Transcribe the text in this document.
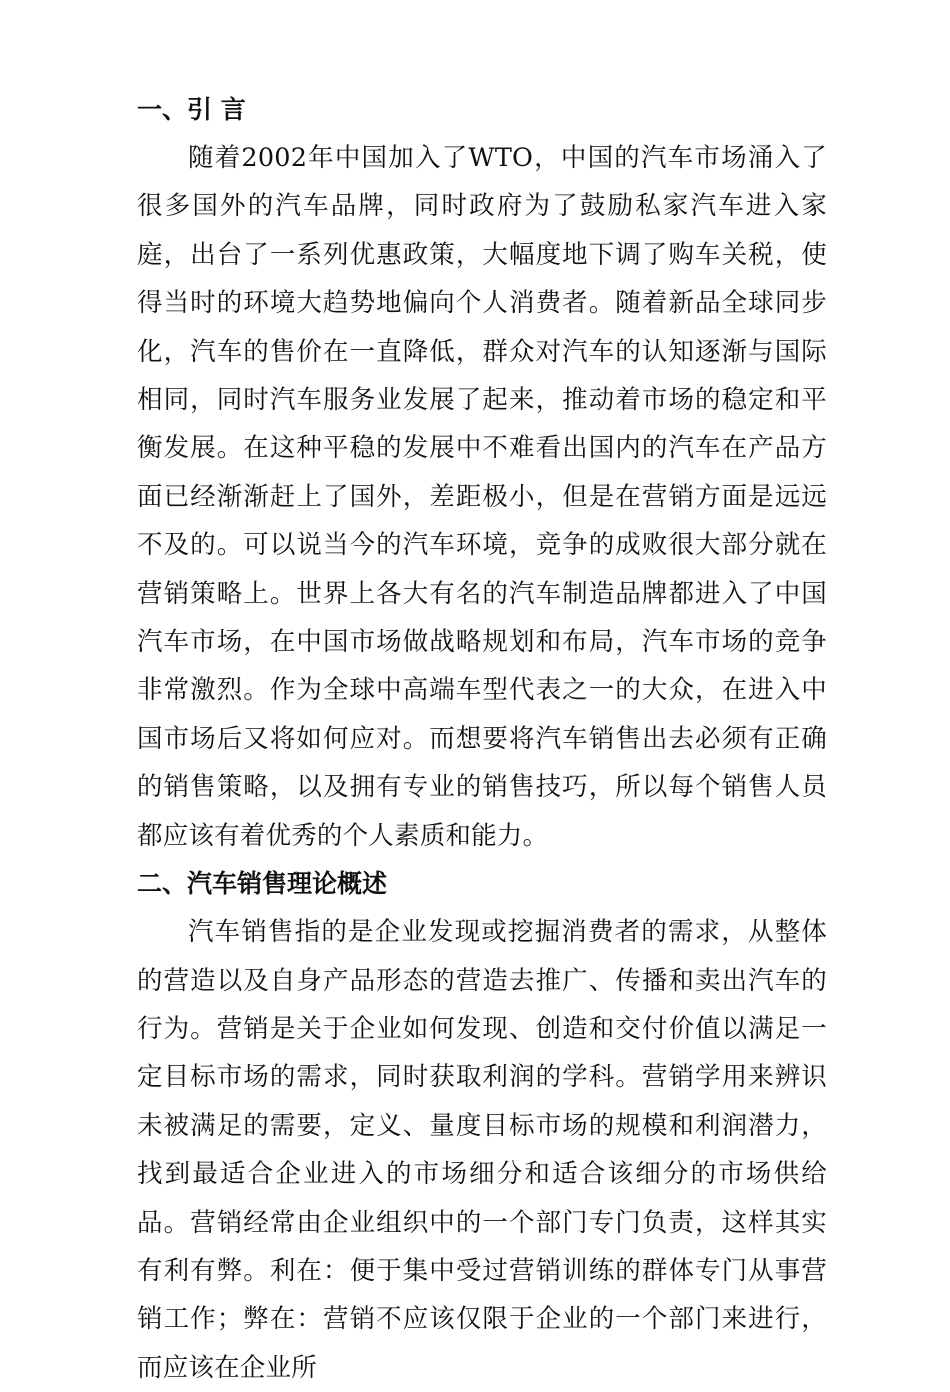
一、引 言

随着2002年中国加入了WTO，中国的汽车市场涌入了很多国外的汽车品牌，同时政府为了鼓励私家汽车进入家庭，出台了一系列优惠政策，大幅度地下调了购车关税，使得当时的环境大趋势地偏向个人消费者。随着新品全球同步化，汽车的售价在一直降低，群众对汽车的认知逐渐与国际相同，同时汽车服务业发展了起来，推动着市场的稳定和平衡发展。在这种平稳的发展中不难看出国内的汽车在产品方面已经渐渐赶上了国外，差距极小，但是在营销方面是远远不及的。可以说当今的汽车环境，竞争的成败很大部分就在营销策略上。世界上各大有名的汽车制造品牌都进入了中国汽车市场，在中国市场做战略规划和布局，汽车市场的竞争非常激烈。作为全球中高端车型代表之一的大众，在进入中国市场后又将如何应对。而想要将汽车销售出去必须有正确的销售策略，以及拥有专业的销售技巧，所以每个销售人员都应该有着优秀的个人素质和能力。

二、汽车销售理论概述

汽车销售指的是企业发现或挖掘消费者的需求，从整体的营造以及自身产品形态的营造去推广、传播和卖出汽车的行为。营销是关于企业如何发现、创造和交付价值以满足一定目标市场的需求，同时获取利润的学科。营销学用来辨识未被满足的需要，定义、量度目标市场的规模和利润潜力，找到最适合企业进入的市场细分和适合该细分的市场供给品。营销经常由企业组织中的一个部门专门负责，这样其实有利有弊。利在：便于集中受过营销训练的群体专门从事营销工作；弊在：营销不应该仅限于企业的一个部门来进行，而应该在企业所
